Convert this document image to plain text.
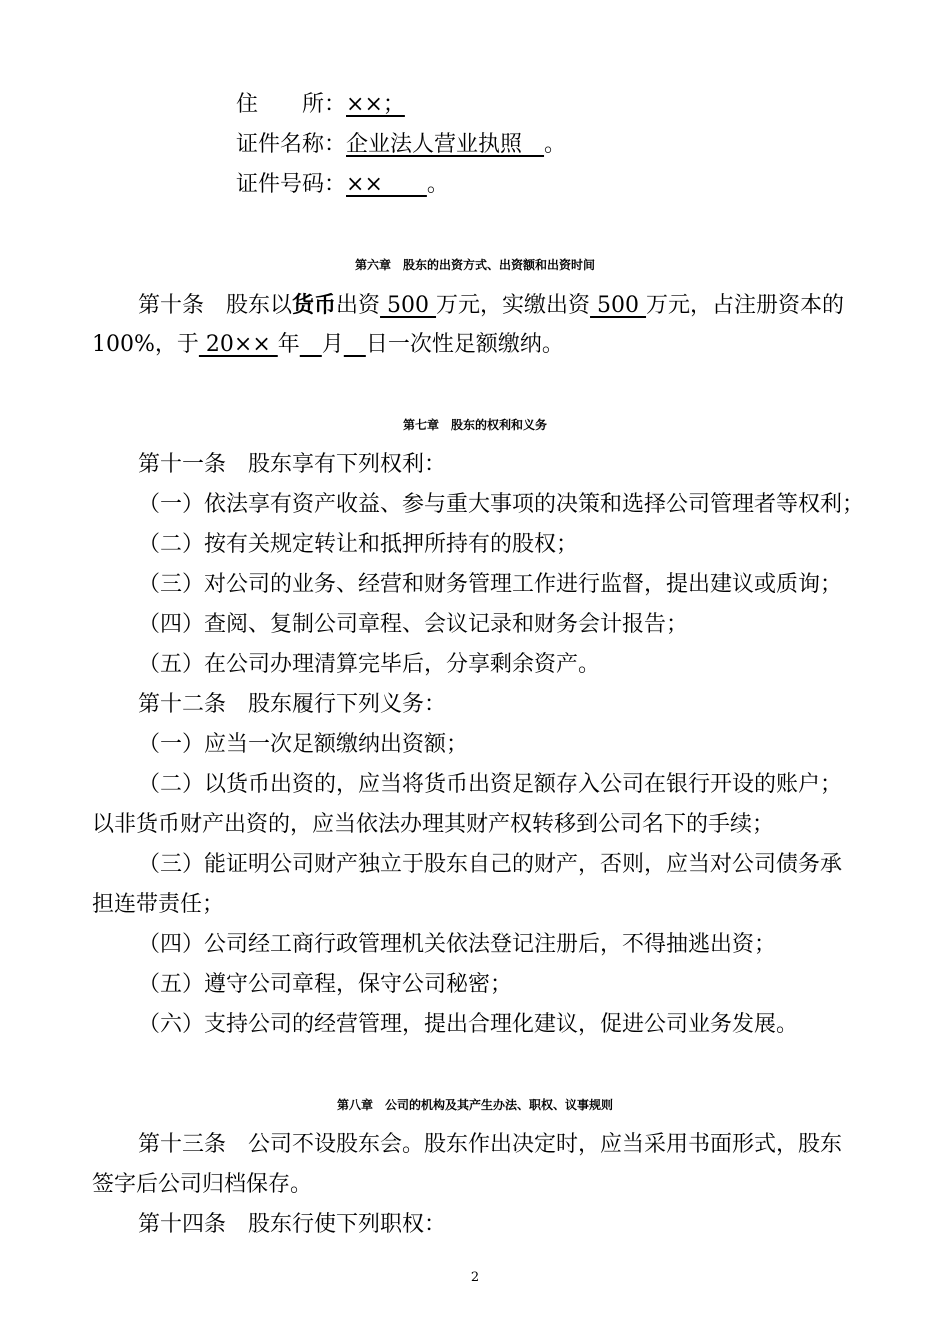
住　　所：××；
证件名称：企业法人营业执照　。
证件号码：××　　。
第六章　股东的出资方式、出资额和出资时间
第十条　股东以货币出资 500 万元，实缴出资 500 万元，占注册资本的
100%，于 20×× 年　 月　 日一次性足额缴纳。
第七章　股东的权利和义务
第十一条　股东享有下列权利：
（一）依法享有资产收益、参与重大事项的决策和选择公司管理者等权利；
（二）按有关规定转让和抵押所持有的股权；
（三）对公司的业务、经营和财务管理工作进行监督，提出建议或质询；
（四）查阅、复制公司章程、会议记录和财务会计报告；
（五）在公司办理清算完毕后，分享剩余资产。
第十二条　股东履行下列义务：
（一）应当一次足额缴纳出资额；
（二）以货币出资的，应当将货币出资足额存入公司在银行开设的账户；
以非货币财产出资的，应当依法办理其财产权转移到公司名下的手续；
（三）能证明公司财产独立于股东自己的财产，否则，应当对公司债务承
担连带责任；
（四）公司经工商行政管理机关依法登记注册后，不得抽逃出资；
（五）遵守公司章程，保守公司秘密；
（六）支持公司的经营管理，提出合理化建议，促进公司业务发展。
第八章　公司的机构及其产生办法、职权、议事规则
第十三条　公司不设股东会。股东作出决定时，应当采用书面形式，股东
签字后公司归档保存。
第十四条　股东行使下列职权：
2
